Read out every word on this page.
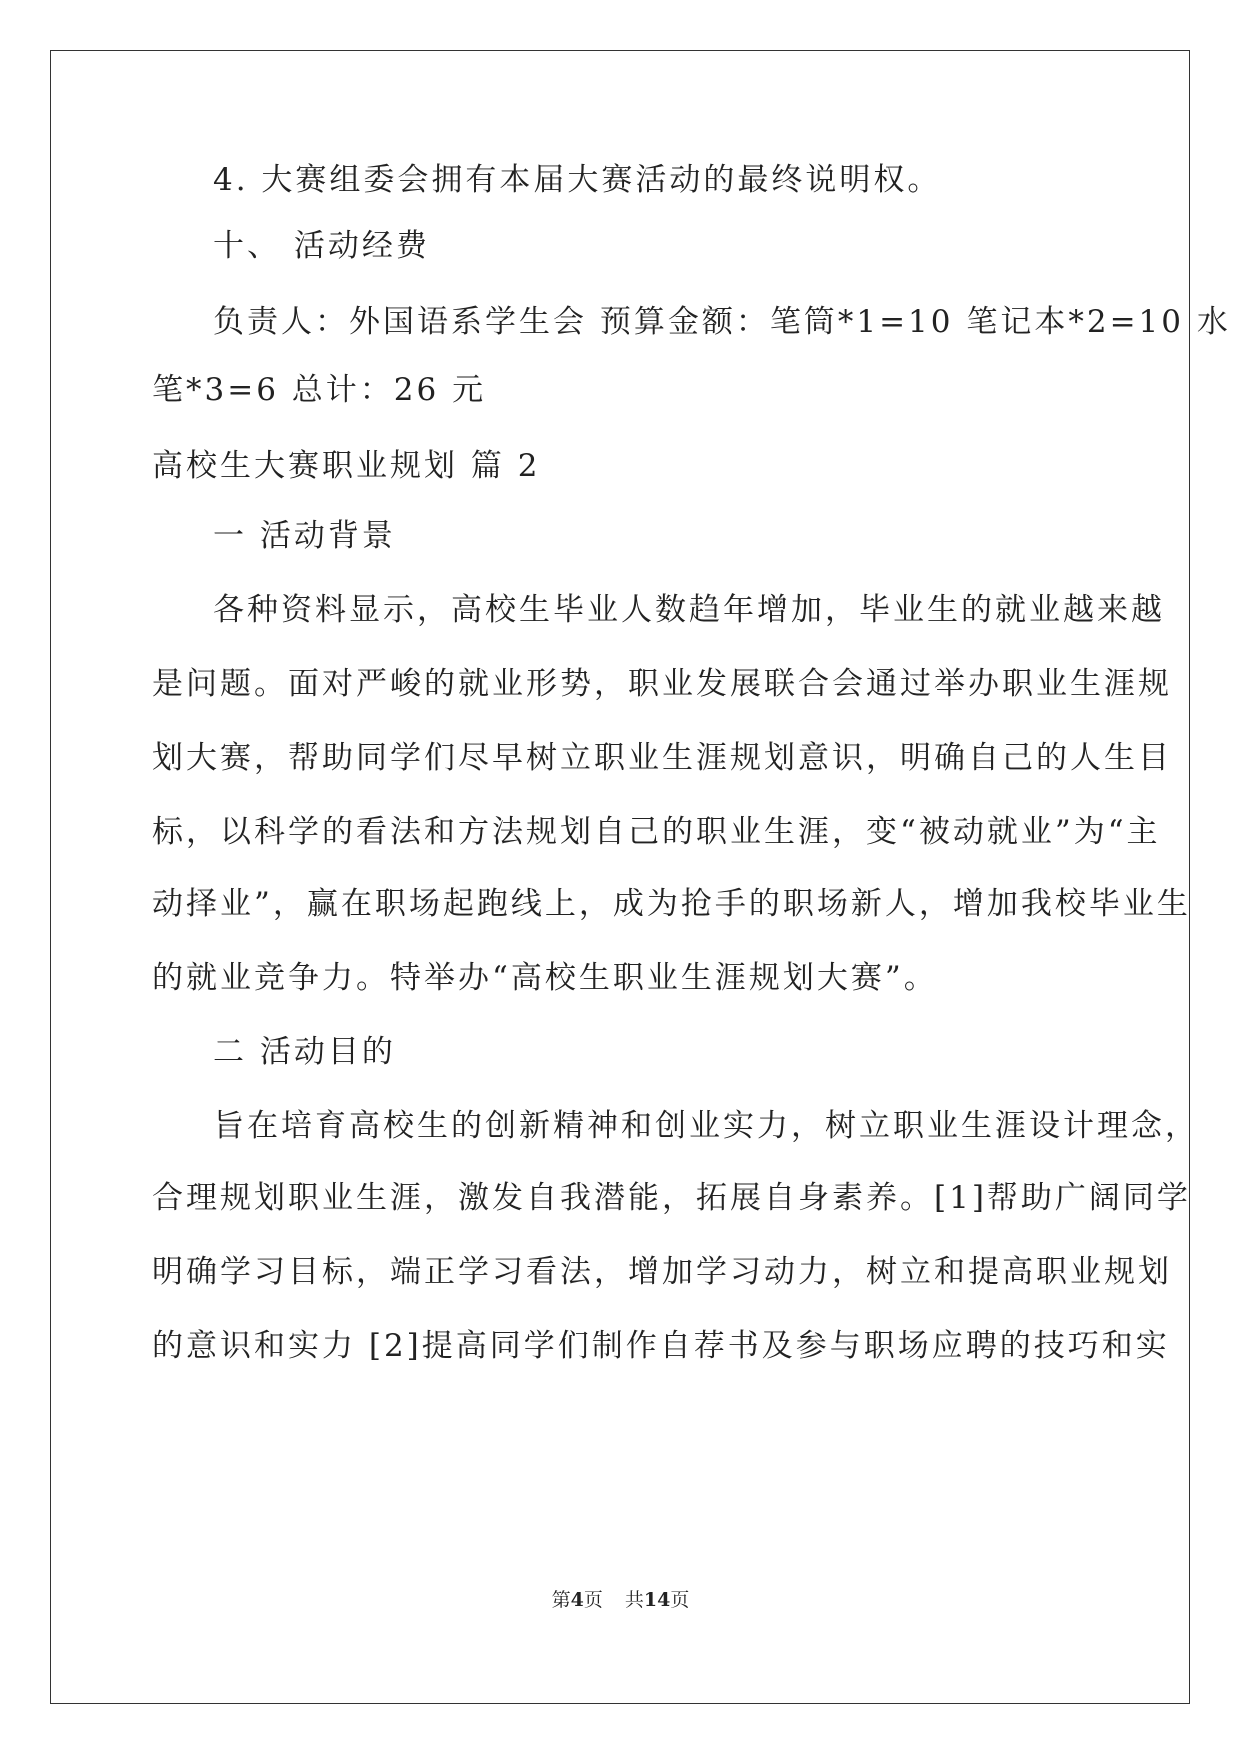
4. 大赛组委会拥有本届大赛活动的最终说明权。
十、 活动经费
负责人：外国语系学生会 预算金额：笔筒*1=10 笔记本*2=10 水
笔*3=6 总计：26 元
高校生大赛职业规划 篇 2
一 活动背景
各种资料显示，高校生毕业人数趋年增加，毕业生的就业越来越
是问题。面对严峻的就业形势，职业发展联合会通过举办职业生涯规
划大赛，帮助同学们尽早树立职业生涯规划意识，明确自己的人生目
标，以科学的看法和方法规划自己的职业生涯，变“被动就业”为“主
动择业”，赢在职场起跑线上，成为抢手的职场新人，增加我校毕业生
的就业竞争力。特举办“高校生职业生涯规划大赛”。
二 活动目的
旨在培育高校生的创新精神和创业实力，树立职业生涯设计理念，
合理规划职业生涯，激发自我潜能，拓展自身素养。[1]帮助广阔同学
明确学习目标，端正学习看法，增加学习动力，树立和提高职业规划
的意识和实力 [2]提高同学们制作自荐书及参与职场应聘的技巧和实
第4页 共14页
